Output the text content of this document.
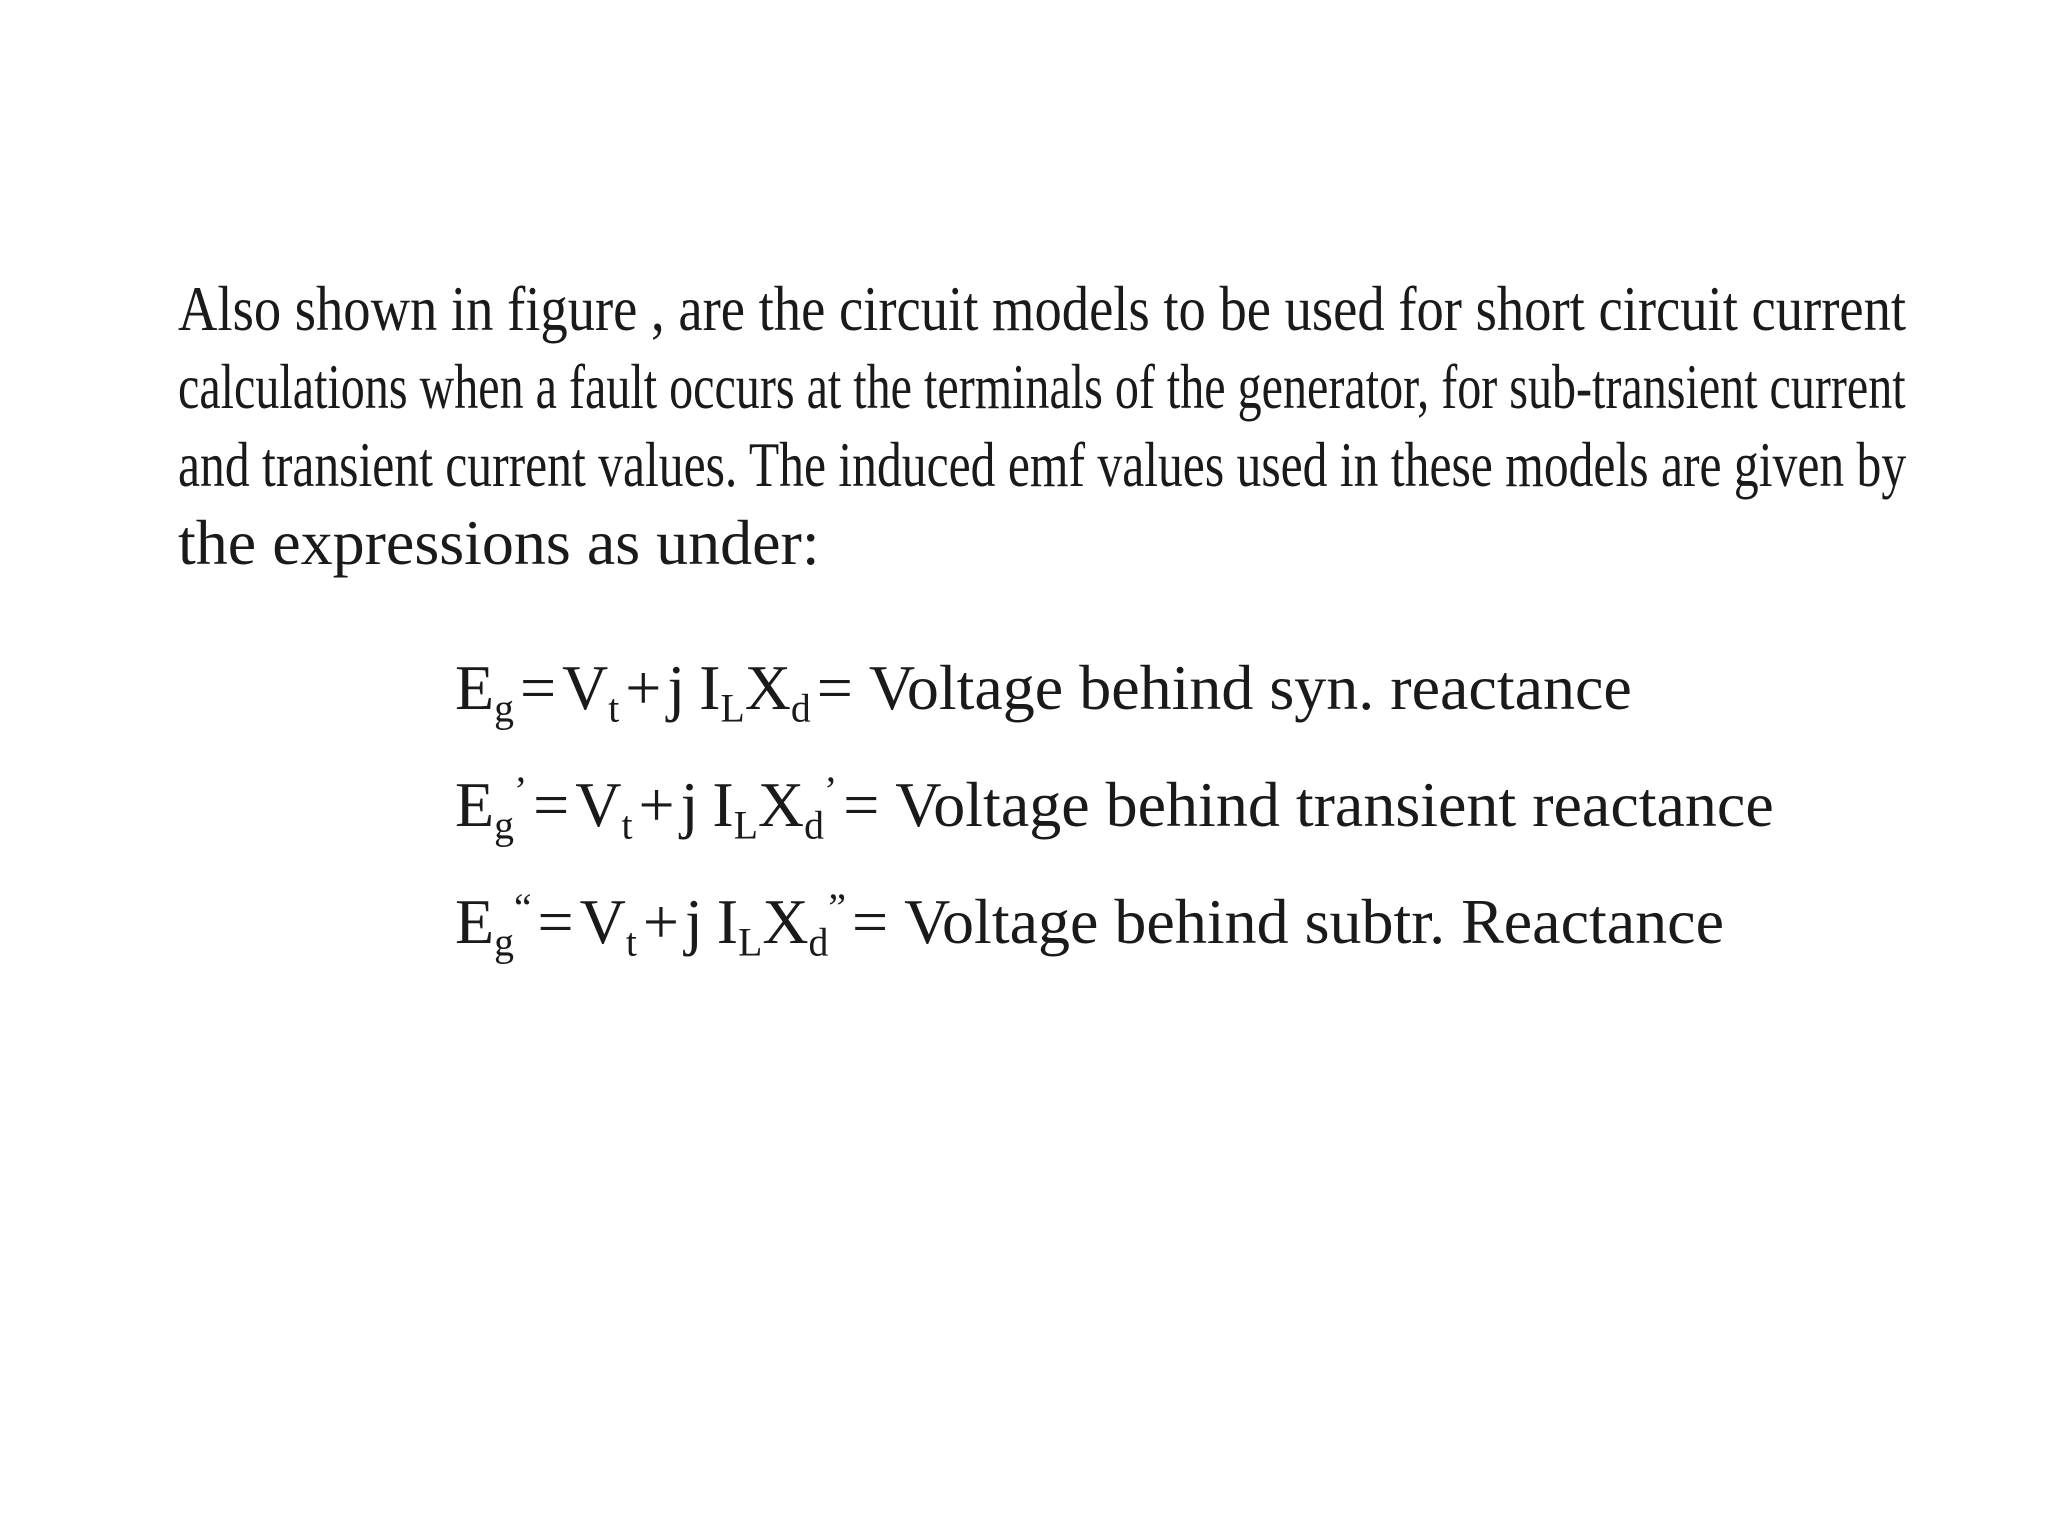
Also shown in figure , are the circuit models to be used for short circuit current
calculations when a fault occurs at the terminals of the generator, for sub-transient current
and transient current values. The induced emf values used in these models are given by
the expressions as under:
$E_g = V_t + j$ $I_L$ $X_d$ = Voltage behind syn. reactance
$E_g^’ = V_t + j$ $I_L$ $X_d^’$ = Voltage behind transient reactance
$E_g^“ = V_t + j$ $I_L$ $X_d^”$ = Voltage behind subtr. Reactance
